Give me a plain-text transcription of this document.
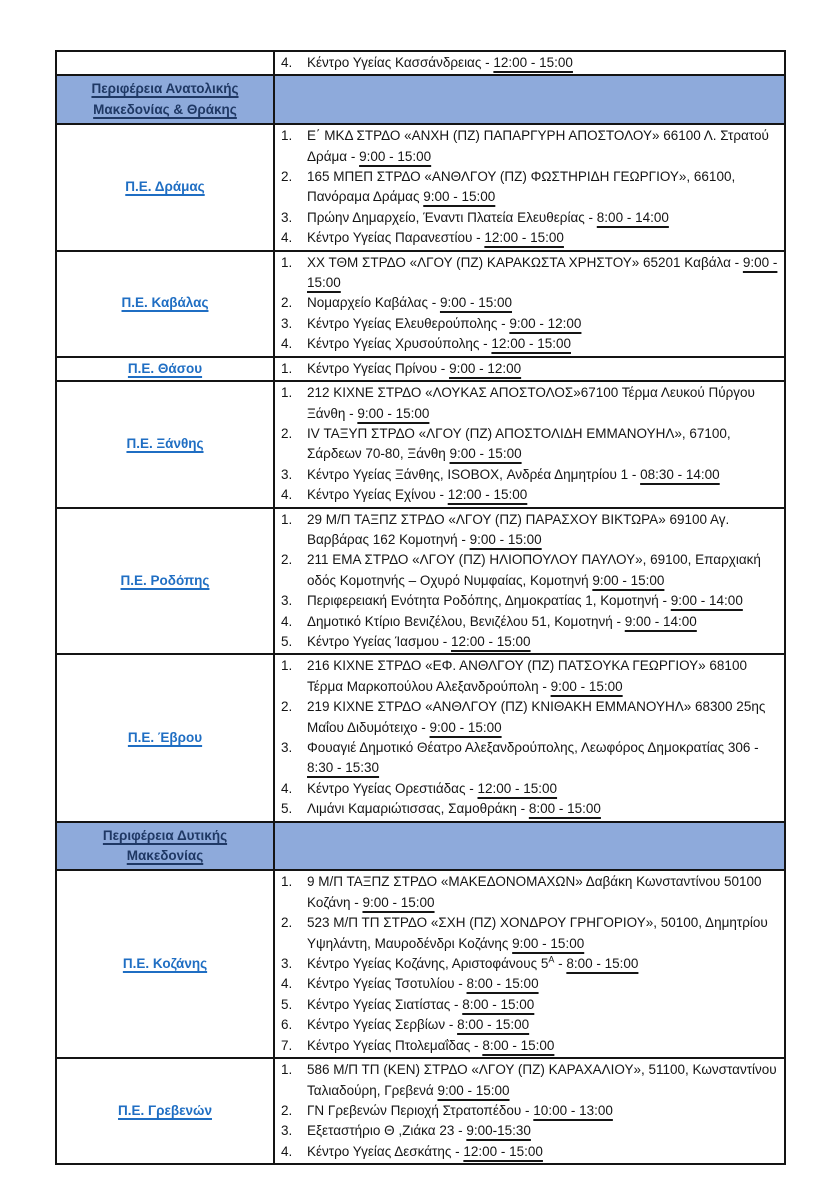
	4. Κέντρο Υγείας Κασσάνδρειας - 12:00 - 15:00

Περιφέρεια Ανατολικής Μακεδονίας & Θράκης	
Π.Ε. Δράμας	
1.	Ε΄ ΜΚΔ ΣΤΡΔΟ «ΑΝΧΗ (ΠΖ) ΠΑΠΑΡΓΥΡΗ ΑΠΟΣΤΟΛΟΥ» 66100 Λ. Στρατού Δράμα - 9:00 - 15:00
2.	165 ΜΠΕΠ ΣΤΡΔΟ «ΑΝΘΛΓΟΥ (ΠΖ) ΦΩΣΤΗΡΙΔΗ ΓΕΩΡΓΙΟΥ», 66100, Πανόραμα Δράμας 9:00 - 15:00
3.	Πρώην Δημαρχείο, Έναντι Πλατεία Ελευθερίας - 8:00 - 14:00
4.	Κέντρο Υγείας Παρανεστίου - 12:00 - 15:00

Π.Ε. Καβάλας	
1.	ΧΧ ΤΘΜ ΣΤΡΔΟ «ΛΓΟΥ (ΠΖ) ΚΑΡΑΚΩΣΤΑ ΧΡΗΣΤΟΥ» 65201 Καβάλα - 9:00 - 15:00
2.	Νομαρχείο Καβάλας - 9:00 - 15:00
3.	Κέντρο Υγείας Ελευθερούπολης - 9:00 - 12:00
4.	Κέντρο Υγείας Χρυσούπολης - 12:00 - 15:00

Π.Ε. Θάσου	1. Κέντρο Υγείας Πρίνου - 9:00 - 12:00

Π.Ε. Ξάνθης	
1.	212 ΚΙΧΝΕ ΣΤΡΔΟ «ΛΟΥΚΑΣ ΑΠΟΣΤΟΛΟΣ»67100 Τέρμα Λευκού Πύργου Ξάνθη - 9:00 - 15:00
2.	IV ΤΑΞΥΠ ΣΤΡΔΟ «ΛΓΟΥ (ΠΖ) ΑΠΟΣΤΟΛΙΔΗ ΕΜΜΑΝΟΥΗΛ», 67100, Σάρδεων 70-80, Ξάνθη 9:00 - 15:00
3.	Κέντρο Υγείας Ξάνθης, ISOBOX, Ανδρέα Δημητρίου 1 - 08:30 - 14:00
4.	Κέντρο Υγείας Εχίνου - 12:00 - 15:00

Π.Ε. Ροδόπης	
1.	29 Μ/Π ΤΑΞΠΖ ΣΤΡΔΟ «ΛΓΟΥ (ΠΖ) ΠΑΡΑΣΧΟΥ ΒΙΚΤΩΡΑ» 69100 Αγ. Βαρβάρας 162 Κομοτηνή - 9:00 - 15:00
2.	211 ΕΜΑ ΣΤΡΔΟ «ΛΓΟΥ (ΠΖ) ΗΛΙΟΠΟΥΛΟΥ ΠΑΥΛΟΥ», 69100, Επαρχιακή οδός Κομοτηνής – Οχυρό Νυμφαίας, Κομοτηνή 9:00 - 15:00
3.	Περιφερειακή Ενότητα Ροδόπης, Δημοκρατίας 1, Κομοτηνή - 9:00 - 14:00
4.	Δημοτικό Κτίριο Βενιζέλου, Βενιζέλου 51, Κομοτηνή - 9:00 - 14:00
5.	Κέντρο Υγείας Ίασμου - 12:00 - 15:00

Π.Ε. Έβρου	
1.	216 ΚΙΧΝΕ ΣΤΡΔΟ «ΕΦ. ΑΝΘΛΓΟΥ (ΠΖ) ΠΑΤΣΟΥΚΑ ΓΕΩΡΓΙΟΥ» 68100 Τέρμα Μαρκοπούλου Αλεξανδρούπολη - 9:00 - 15:00
2.	219 ΚΙΧΝΕ ΣΤΡΔΟ «ΑΝΘΛΓΟΥ (ΠΖ) ΚΝΙΘΑΚΗ ΕΜΜΑΝΟΥΗΛ» 68300 25ης Μαΐου Διδυμότειχο - 9:00 - 15:00
3.	Φουαγιέ Δημοτικό Θέατρο Αλεξανδρούπολης, Λεωφόρος Δημοκρατίας 306 - 8:30 - 15:30
4.	Κέντρο Υγείας Ορεστιάδας - 12:00 - 15:00
5.	Λιμάνι Καμαριώτισσας, Σαμοθράκη - 8:00 - 15:00

Περιφέρεια Δυτικής Μακεδονίας	
Π.Ε. Κοζάνης	
1.	9 Μ/Π ΤΑΞΠΖ ΣΤΡΔΟ «ΜΑΚΕΔΟΝΟΜΑΧΩΝ» Δαβάκη Κωνσταντίνου 50100 Κοζάνη - 9:00 - 15:00
2.	523 Μ/Π ΤΠ ΣΤΡΔΟ «ΣΧΗ (ΠΖ) ΧΟΝΔΡΟΥ ΓΡΗΓΟΡΙΟΥ», 50100, Δημητρίου Υψηλάντη, Μαυροδένδρι Κοζάνης 9:00 - 15:00
3.	Κέντρο Υγείας Κοζάνης, Αριστοφάνους $5^A$ - 8:00 - 15:00
4.	Κέντρο Υγείας Τσοτυλίου - 8:00 - 15:00
5.	Κέντρο Υγείας Σιατίστας - 8:00 - 15:00
6.	Κέντρο Υγείας Σερβίων - 8:00 - 15:00
7.	Κέντρο Υγείας Πτολεμαΐδας - 8:00 - 15:00

Π.Ε. Γρεβενών	
1.	586 Μ/Π ΤΠ (ΚΕΝ) ΣΤΡΔΟ «ΛΓΟΥ (ΠΖ) ΚΑΡΑΧΑΛΙΟΥ», 51100, Κωνσταντίνου Ταλιαδούρη, Γρεβενά 9:00 - 15:00
2.	ΓΝ Γρεβενών Περιοχή Στρατοπέδου - 10:00 - 13:00
3.	Εξεταστήριο Θ ,Ζιάκα 23 - 9:00-15:30
4.	Κέντρο Υγείας Δεσκάτης - 12:00 - 15:00
